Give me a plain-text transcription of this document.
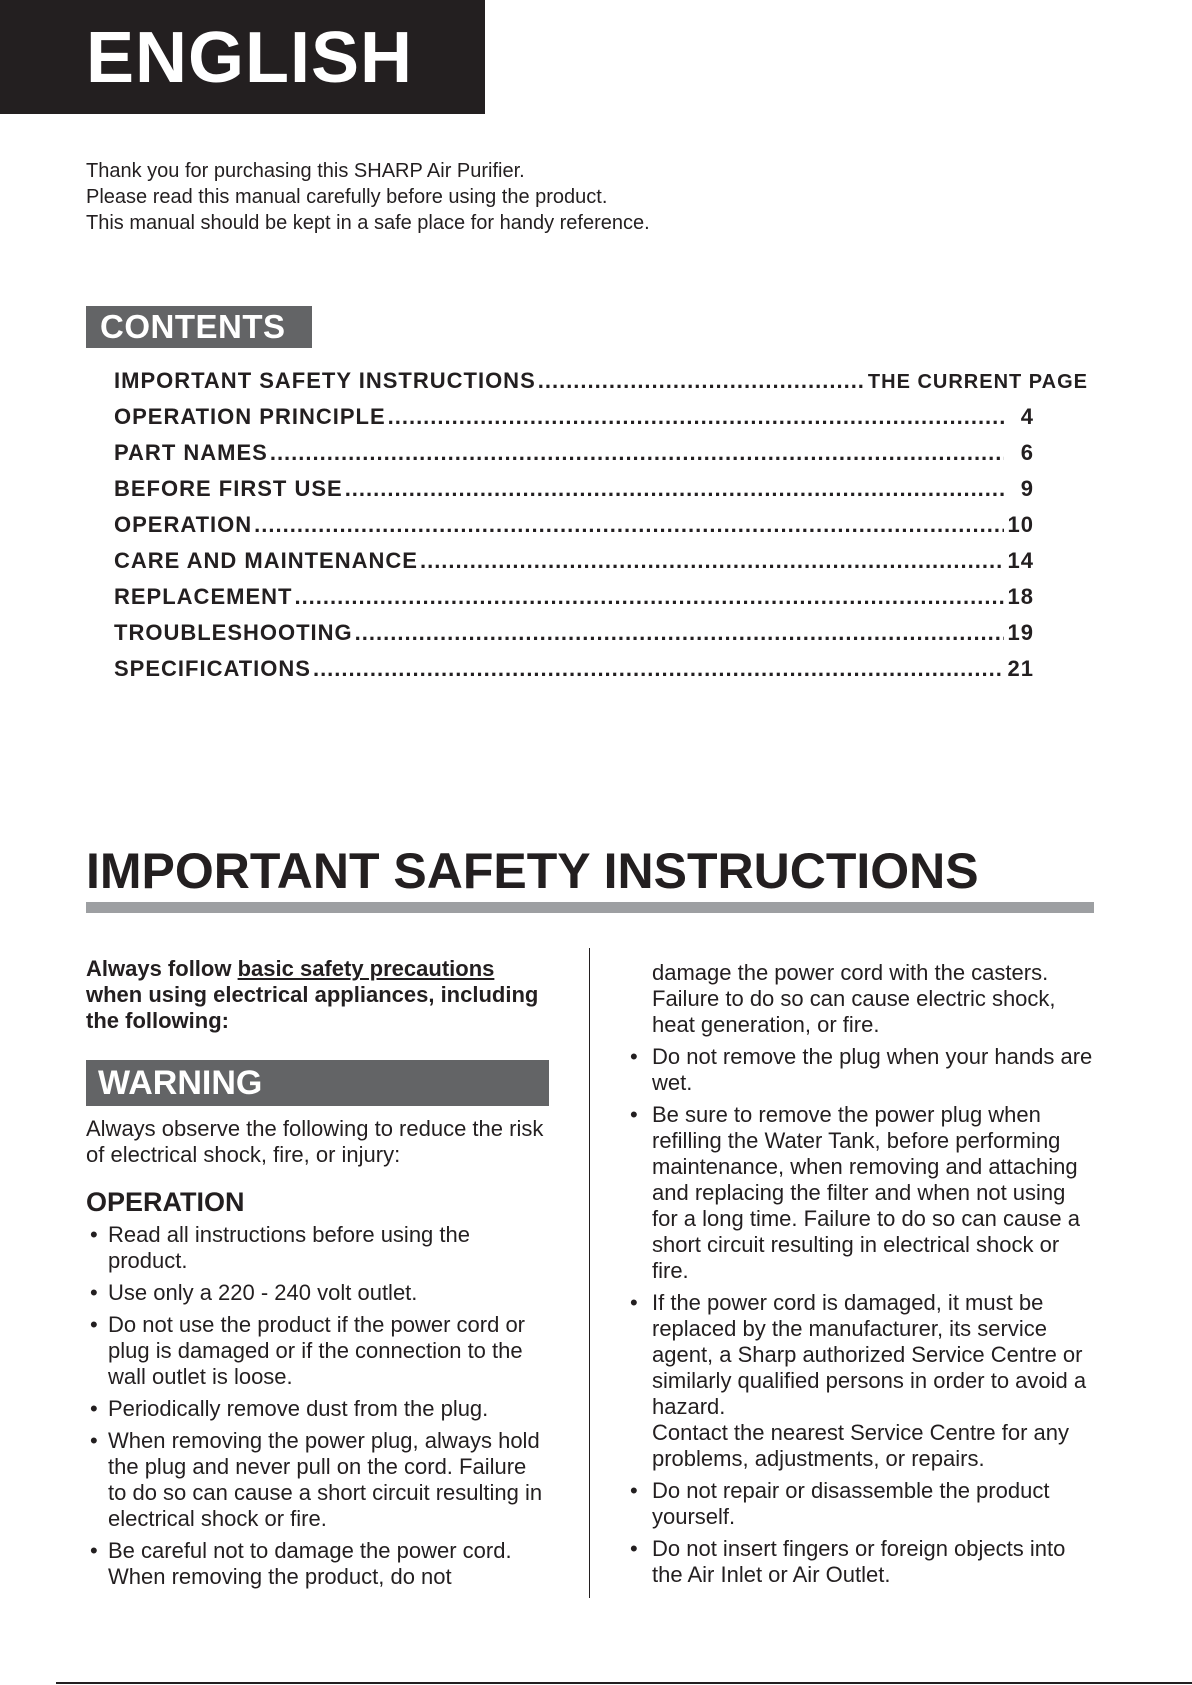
ENGLISH

Thank you for purchasing this SHARP Air Purifier.

Please read this manual carefully before using the product.

This manual should be kept in a safe place for handy reference.

CONTENTS
IMPORTANT SAFETY INSTRUCTIONS .....	THE CURRENT PAGE
OPERATION PRINCIPLE .....	4
PART NAMES .....	6
BEFORE FIRST USE .....	9
OPERATION .....	10
CARE AND MAINTENANCE .....	14
REPLACEMENT .....	18
TROUBLESHOOTING .....	19
SPECIFICATIONS .....	21
IMPORTANT SAFETY INSTRUCTIONS

Always follow basic safety precautions when using electrical appliances, including the following:

WARNING

Always observe the following to reduce the risk of electrical shock, fire, or injury:

OPERATION
• Read all instructions before using the product.
• Use only a 220 - 240 volt outlet.
• Do not use the product if the power cord or plug is damaged or if the connection to the wall outlet is loose.
• Periodically remove dust from the plug.
• When removing the power plug, always hold the plug and never pull on the cord. Failure to do so can cause a short circuit resulting in electrical shock or fire.
• Be careful not to damage the power cord. When removing the product, do not

damage the power cord with the casters. Failure to do so can cause electric shock, heat generation, or fire.

• Do not remove the plug when your hands are wet.
• Be sure to remove the power plug when refilling the Water Tank, before performing maintenance, when removing and attaching and replacing the filter and when not using for a long time. Failure to do so can cause a short circuit resulting in electrical shock or fire.
• If the power cord is damaged, it must be replaced by the manufacturer, its service agent, a Sharp authorized Service Centre or similarly qualified persons in order to avoid a hazard.
Contact the nearest Service Centre for any problems, adjustments, or repairs.
• Do not repair or disassemble the product yourself.
• Do not insert fingers or foreign objects into the Air Inlet or Air Outlet.
